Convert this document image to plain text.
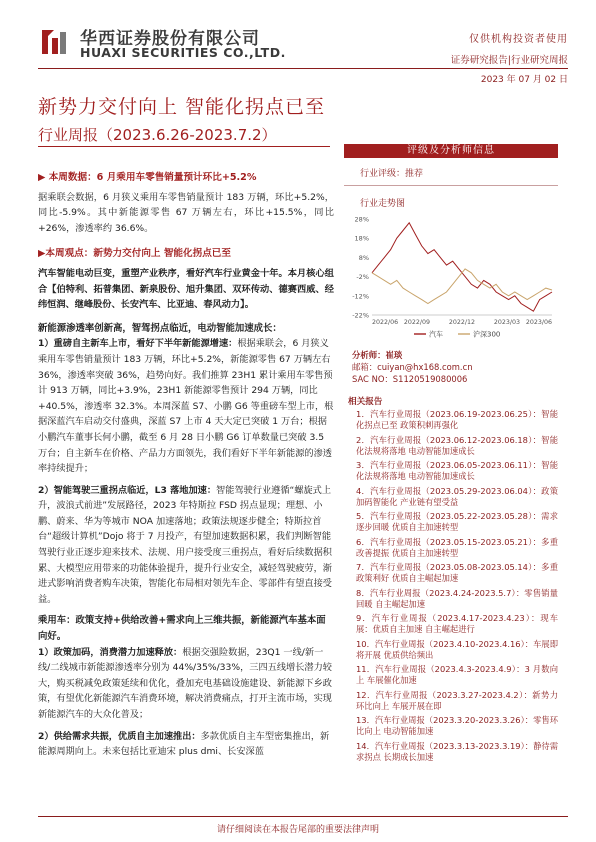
华西证券股份有限公司
HUAXI SECURITIES CO.,LTD.
仅供机构投资者使用
证券研究报告|行业研究周报
2023 年 07 月 02 日
新势力交付向上 智能化拐点已至
行业周报（2023.6.26-2023.7.2）
▶ 本周数据：6 月乘用车零售销量预计环比+5.2%
据乘联会数据，6 月狭义乘用车零售销量预计 183 万辆，环比+5.2%，同比-5.9%。其中新能源零售 67 万辆左右，环比+15.5%，同比+26%，渗透率约 36.6%。
▶本周观点：新势力交付向上 智能化拐点已至
汽车智能电动巨变，重塑产业秩序，看好汽车行业黄金十年。本月核心组合【伯特利、拓普集团、新泉股份、旭升集团、双环传动、德赛西威、经纬恒润、继峰股份、长安汽车、比亚迪、春风动力】。
新能源渗透率创新高，智驾拐点临近，电动智能加速成长：
1）重磅自主新车上市，看好下半年新能源增速：根据乘联会，6 月狭义乘用车零售销量预计 183 万辆，环比+5.2%，新能源零售 67 万辆左右 36%，渗透率突破 36%，趋势向好。我们推算 23H1 累计乘用车零售预计 913 万辆，同比+3.9%，23H1 新能源零售预计 294 万辆，同比+40.5%，渗透率 32.3%。本周深蓝 S7、小鹏 G6 等重磅车型上市，根据深蓝汽车启动交付盛典，深蓝 S7 上市 4 天大定已突破 1 万台；根据小鹏汽车董事长何小鹏，截至 6 月 28 日小鹏 G6 订单数量已突破 3.5 万台；自主新车在价格、产品力方面领先，我们看好下半年新能源的渗透率持续提升；
2）智能驾驶三重拐点临近，L3 落地加速：智能驾驶行业遵循“螺旋式上升，波浪式前进”发展路径，2023 年特斯拉 FSD 拐点显现；理想、小鹏、蔚来、华为等城市 NOA 加速落地；政策法规逐步健全；特斯拉首台“超级计算机”Dojo 将于 7 月投产，有望加速数据积累，我们判断智能驾驶行业正逐步迎来技术、法规、用户接受度三重拐点，看好后续数据积累、大模型应用带来的功能体验提升，提升行业安全，减轻驾驶疲劳，渐进式影响消费者购车决策，智能化布局相对领先车企、零部件有望直接受益。
乘用车：政策支持+供给改善+需求向上三维共振，新能源汽车基本面向好。
1）政策加码，消费潜力加速释放：根据交强险数据，23Q1 一线/新一线/二线城市新能源渗透率分别为 44%/35%/33%，三四五线增长潜力较大，购买税减免政策延续和优化，叠加充电基础设施建设、新能源下乡政策，有望优化新能源汽车消费环境，解决消费痛点，打开主流市场，实现新能源汽车的大众化普及；
2）供给需求共振，优质自主加速推出：多款优质自主车型密集推出，新能源周期向上。未来包括比亚迪宋 plus dmi、长安深蓝
评级及分析师信息
行业评级：推荐
行业走势图
28%
18%
8%
-2%
-12%
-22%
2022/06 2022/09	2022/12	2023/03 2023/06
汽车	沪深300
分析师：崔琰
邮箱：cuiyan@hx168.com.cn
SAC NO：S1120519080006
相关报告
1．汽车行业周报（2023.06.19-2023.06.25）：智能化拐点已至 政策积刺再强化
2．汽车行业周报（2023.06.12-2023.06.18）：智能化法规将落地 电动智能加速成长
3．汽车行业周报（2023.06.05-2023.06.11）：智能化法规将落地 电动智能加速成长
4．汽车行业周报（2023.05.29-2023.06.04）：政策加码智能化 产业链有望受益
5．汽车行业周报（2023.05.22-2023.05.28）：需求逐步回暖 优质自主加速转型
6．汽车行业周报（2023.05.15-2023.05.21）：多重改善提振 优质自主加速转型
7．汽车行业周报（2023.05.08-2023.05.14）：多重政策利好 优质自主崛起加速
8．汽车行业周报（2023.4.24-2023.5.7）：零售销量回暖 自主崛起加速
9．汽车行业周报（2023.4.17-2023.4.23）：现车展：优质自主加速 自主崛起进行
10．汽车行业周报（2023.4.10-2023.4.16）：车展即将开展 优质供给频出
11．汽车行业周报（2023.4.3-2023.4.9）：3 月数向上 车展催化加速
12．汽车行业周报（2023.3.27-2023.4.2）：新势力环比向上 车展开展在即
13．汽车行业周报（2023.3.20-2023.3.26）：零售环比向上 电动智能加速
14．汽车行业周报（2023.3.13-2023.3.19）：静待需求拐点 长期成长加速
请仔细阅读在本报告尾部的重要法律声明
